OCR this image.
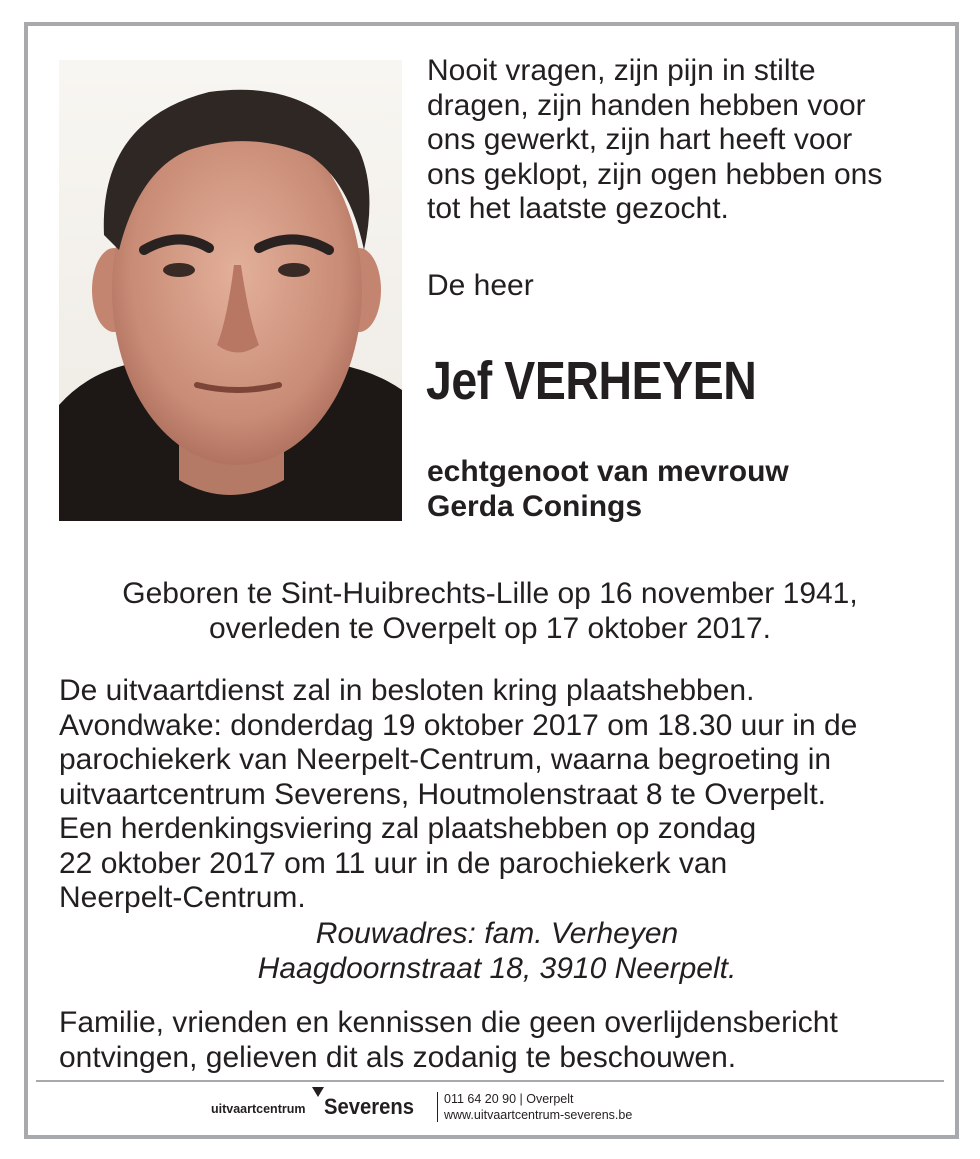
Nooit vragen, zijn pijn in stilte
dragen, zijn handen hebben voor
ons gewerkt, zijn hart heeft voor
ons geklopt, zijn ogen hebben ons
tot het laatste gezocht.
De heer
Jef VERHEYEN
echtgenoot van mevrouw
Gerda Conings
Geboren te Sint-Huibrechts-Lille op 16 november 1941,
overleden te Overpelt op 17 oktober 2017.
De uitvaartdienst zal in besloten kring plaatshebben.
Avondwake: donderdag 19 oktober 2017 om 18.30 uur in de
parochiekerk van Neerpelt-Centrum, waarna begroeting in
uitvaartcentrum Severens, Houtmolenstraat 8 te Overpelt.
Een herdenkingsviering zal plaatshebben op zondag
22 oktober 2017 om 11 uur in de parochiekerk van
Neerpelt-Centrum.
Rouwadres: fam. Verheyen
Haagdoornstraat 18, 3910 Neerpelt.
Familie, vrienden en kennissen die geen overlijdensbericht
ontvingen, gelieven dit als zodanig te beschouwen.
uitvaartcentrum Severens 011 64 20 90 | Overpelt
www.uitvaartcentrum-severens.be
